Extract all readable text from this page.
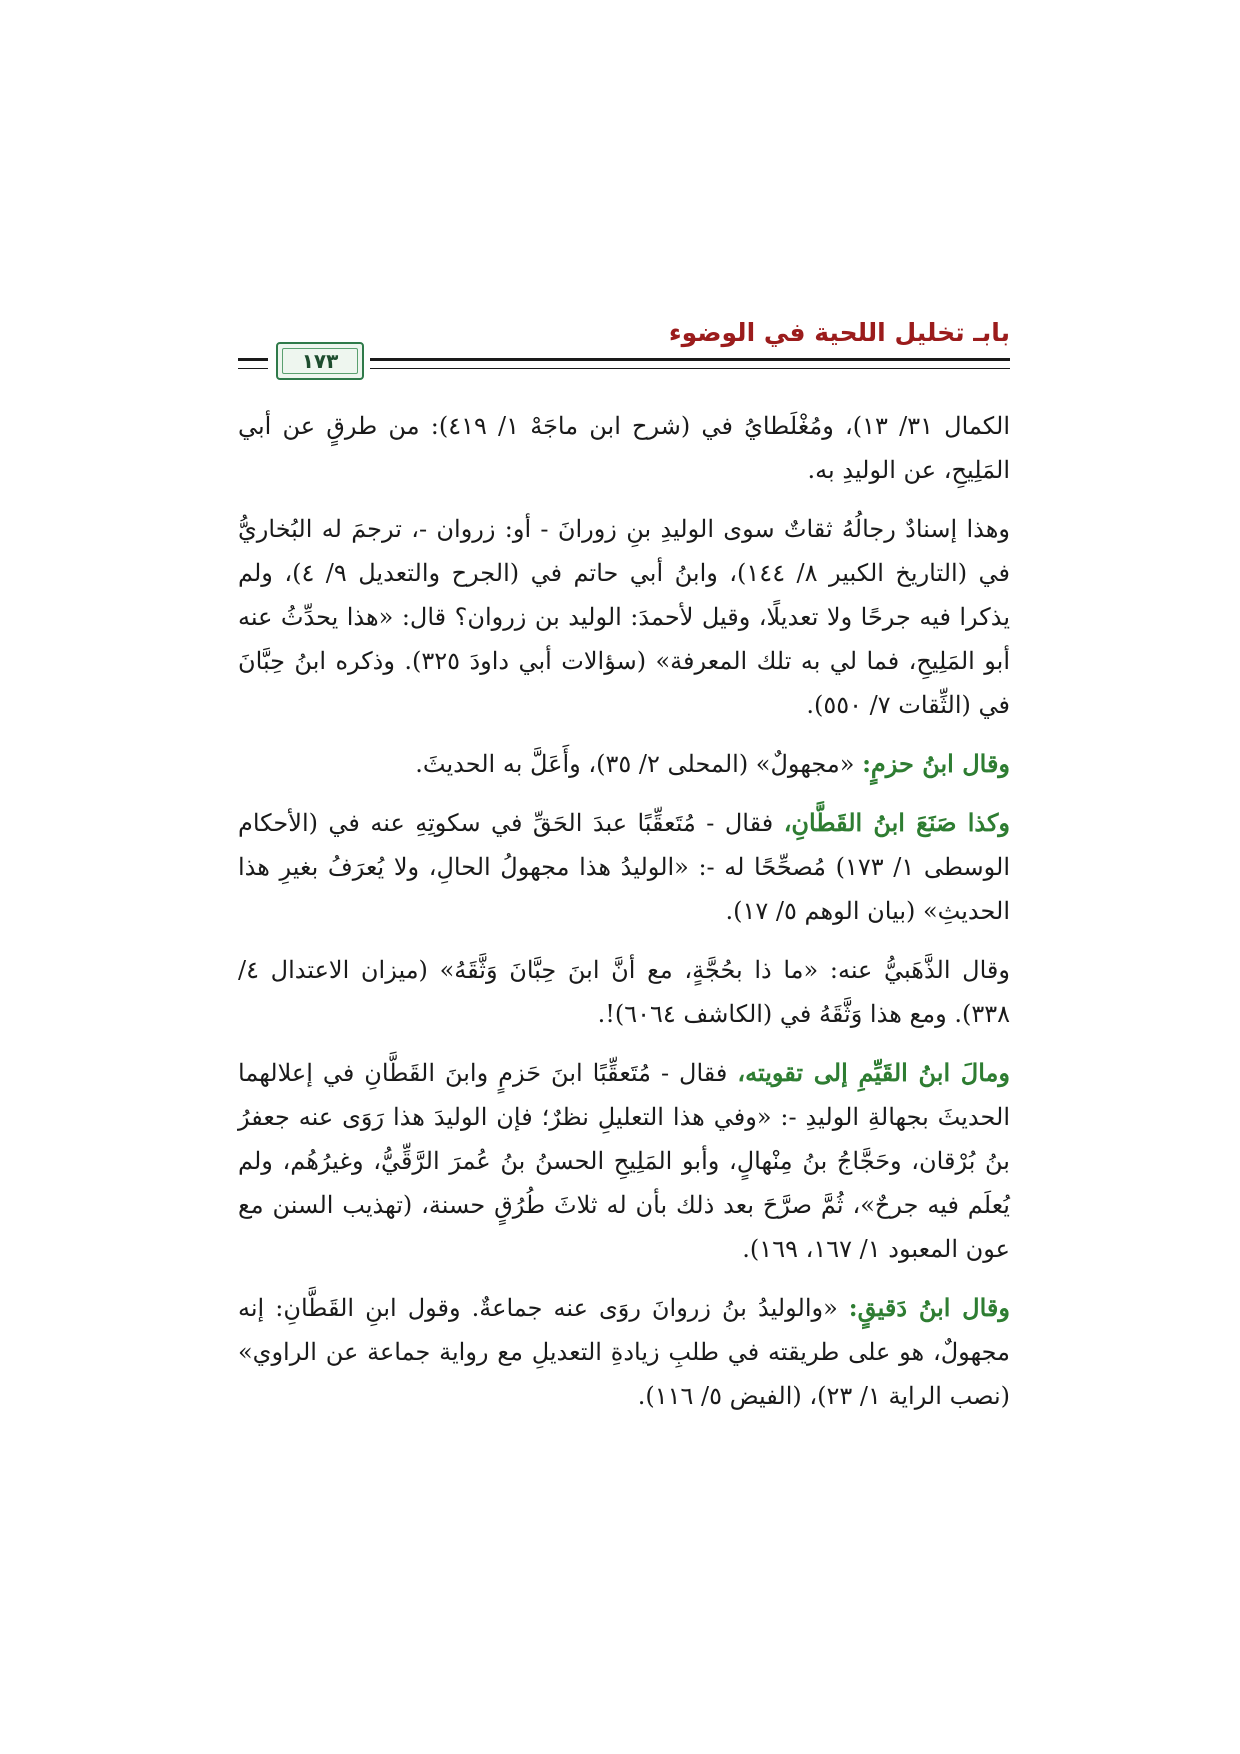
بابـ تخليل اللحية في الوضوء
١٧٣

الكمال ٣١/ ١٣)، ومُغْلَطايُ في (شرح ابن ماجَهْ ١/ ٤١٩): من طرقٍ عن أبي المَلِيحِ، عن الوليدِ به.

وهذا إسنادٌ رجالُهُ ثقاتٌ سوى الوليدِ بنِ زورانَ - أو: زروان -، ترجمَ له البُخاريُّ في (التاريخ الكبير ٨/ ١٤٤)، وابنُ أبي حاتم في (الجرح والتعديل ٩/ ٤)، ولم يذكرا فيه جرحًا ولا تعديلًا، وقيل لأحمدَ: الوليد بن زروان؟ قال: «هذا يحدِّثُ عنه أبو المَلِيحِ، فما لي به تلك المعرفة» (سؤالات أبي داودَ ٣٢٥). وذكره ابنُ حِبَّانَ في (الثِّقات ٧/ ٥٥٠).

وقال ابنُ حزمٍ: «مجهولٌ» (المحلى ٢/ ٣٥)، وأَعَلَّ به الحديثَ.

وكذا صَنَعَ ابنُ القَطَّانِ، فقال - مُتَعقِّبًا عبدَ الحَقِّ في سكوتِهِ عنه في (الأحكام الوسطى ١/ ١٧٣) مُصحِّحًا له -: «الوليدُ هذا مجهولُ الحالِ، ولا يُعرَفُ بغيرِ هذا الحديثِ» (بيان الوهم ٥/ ١٧).

وقال الذَّهَبيُّ عنه: «ما ذا بحُجَّةٍ، مع أنَّ ابنَ حِبَّانَ وَثَّقَهُ» (ميزان الاعتدال ٤/ ٣٣٨). ومع هذا وَثَّقَهُ في (الكاشف ٦٠٦٤)!.

ومالَ ابنُ القَيِّمِ إلى تقويته، فقال - مُتَعقِّبًا ابنَ حَزمٍ وابنَ القَطَّانِ في إعلالهما الحديثَ بجهالةِ الوليدِ -: «وفي هذا التعليلِ نظرٌ؛ فإن الوليدَ هذا رَوَى عنه جعفرُ بنُ بُرْقان، وحَجَّاجُ بنُ مِنْهالٍ، وأبو المَلِيحِ الحسنُ بنُ عُمرَ الرَّقِّيُّ، وغيرُهُم، ولم يُعلَم فيه جرحٌ»، ثُمَّ صرَّحَ بعد ذلك بأن له ثلاثَ طُرُقٍ حسنة، (تهذيب السنن مع عون المعبود ١/ ١٦٧، ١٦٩).

وقال ابنُ دَقيقٍ: «والوليدُ بنُ زروانَ روَى عنه جماعةٌ. وقول ابنِ القَطَّانِ: إنه مجهولٌ، هو على طريقته في طلبِ زيادةِ التعديلِ مع رواية جماعة عن الراوي» (نصب الراية ١/ ٢٣)، (الفيض ٥/ ١١٦).
